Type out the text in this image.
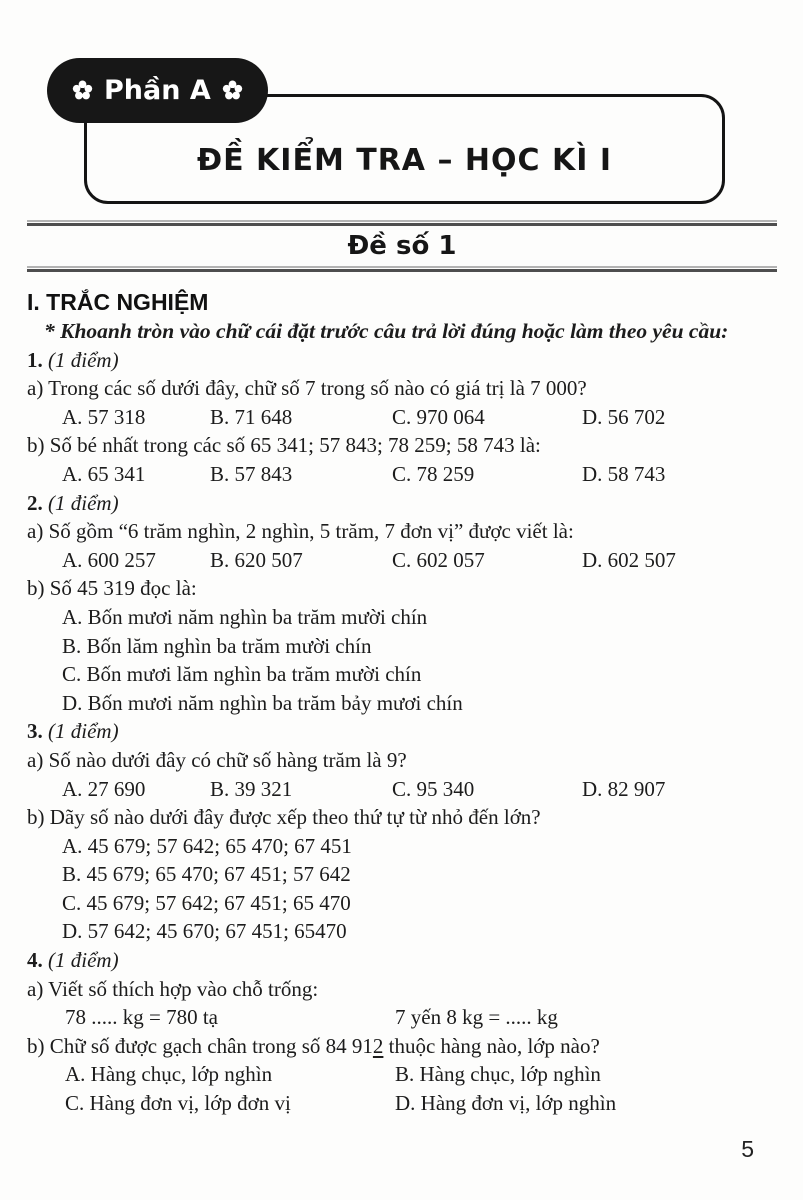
ĐỀ KIỂM TRA – HỌC KÌ I
Phần A
Đề số 1
I. TRẮC NGHIỆM

* Khoanh tròn vào chữ cái đặt trước câu trả lời đúng hoặc làm theo yêu cầu:

1. (1 điểm)

a) Trong các số dưới đây, chữ số 7 trong số nào có giá trị là 7 000?

A. 57 318	B. 71 648	C. 970 064	D. 56 702

b) Số bé nhất trong các số 65 341; 57 843; 78 259; 58 743 là:

A. 65 341	B. 57 843	C. 78 259	D. 58 743

2. (1 điểm)

a) Số gồm “6 trăm nghìn, 2 nghìn, 5 trăm, 7 đơn vị” được viết là:

A. 600 257	B. 620 507	C. 602 057	D. 602 507

b) Số 45 319 đọc là:

A. Bốn mươi năm nghìn ba trăm mười chín
B. Bốn lăm nghìn ba trăm mười chín
C. Bốn mươi lăm nghìn ba trăm mười chín
D. Bốn mươi năm nghìn ba trăm bảy mươi chín

3. (1 điểm)

a) Số nào dưới đây có chữ số hàng trăm là 9?

A. 27 690	B. 39 321	C. 95 340	D. 82 907

b) Dãy số nào dưới đây được xếp theo thứ tự từ nhỏ đến lớn?

A. 45 679; 57 642; 65 470; 67 451
B. 45 679; 65 470; 67 451; 57 642
C. 45 679; 57 642; 67 451; 65 470
D. 57 642; 45 670; 67 451; 65470

4. (1 điểm)

a) Viết số thích hợp vào chỗ trống:

78 ..... kg = 780 tạ	7 yến 8 kg = ..... kg

b) Chữ số được gạch chân trong số 84 912 thuộc hàng nào, lớp nào?

A. Hàng chục, lớp nghìn	B. Hàng chục, lớp nghìn
C. Hàng đơn vị, lớp đơn vị	D. Hàng đơn vị, lớp nghìn
5
